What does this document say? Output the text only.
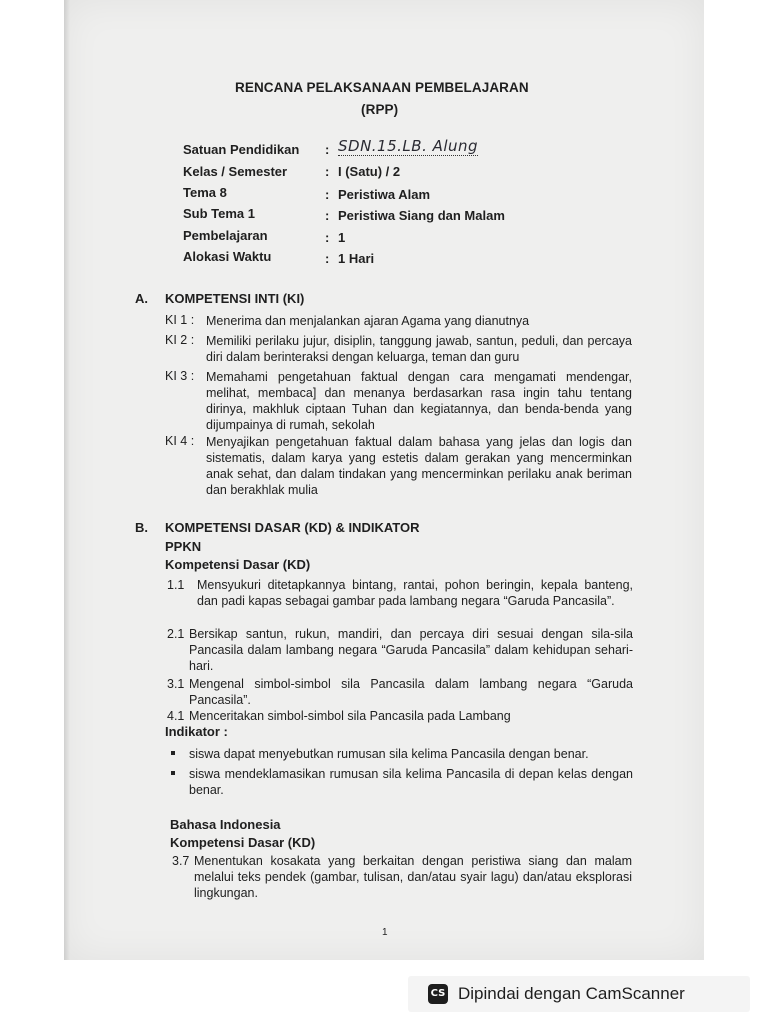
RENCANA PELAKSANAAN PEMBELAJARAN
(RPP)
Satuan Pendidikan : SDN.15.LB. Alung
Kelas / Semester	: I (Satu) / 2
Tema 8	: Peristiwa Alam
Sub Tema 1	: Peristiwa Siang dan Malam
Pembelajaran	: 1
Alokasi Waktu	: 1 Hari
A. KOMPETENSI INTI (KI)
KI 1 : Menerima dan menjalankan ajaran Agama yang dianutnya
KI 2 : Memiliki perilaku jujur, disiplin, tanggung jawab, santun, peduli, dan percaya diri dalam berinteraksi dengan keluarga, teman dan guru
KI 3 : Memahami pengetahuan faktual dengan cara mengamati mendengar, melihat, membaca] dan menanya berdasarkan rasa ingin tahu tentang dirinya, makhluk ciptaan Tuhan dan kegiatannya, dan benda-benda yang dijumpainya di rumah, sekolah
KI 4 : Menyajikan pengetahuan faktual dalam bahasa yang jelas dan logis dan sistematis, dalam karya yang estetis dalam gerakan yang mencerminkan anak sehat, dan dalam tindakan yang mencerminkan perilaku anak beriman dan berakhlak mulia
B. KOMPETENSI DASAR (KD) & INDIKATOR
PPKN
Kompetensi Dasar (KD)
1.1 Mensyukuri ditetapkannya bintang, rantai, pohon beringin, kepala banteng, dan padi kapas sebagai gambar pada lambang negara “Garuda Pancasila”.
2.1 Bersikap santun, rukun, mandiri, dan percaya diri sesuai dengan sila-sila Pancasila dalam lambang negara “Garuda Pancasila” dalam kehidupan sehari-hari.
3.1 Mengenal simbol-simbol sila Pancasila dalam lambang negara “Garuda Pancasila”.
4.1 Menceritakan simbol-simbol sila Pancasila pada Lambang
Indikator :
siswa dapat menyebutkan rumusan sila kelima Pancasila dengan benar.
siswa mendeklamasikan rumusan sila kelima Pancasila di depan kelas dengan benar.
Bahasa Indonesia
Kompetensi Dasar (KD)
3.7 Menentukan kosakata yang berkaitan dengan peristiwa siang dan malam melalui teks pendek (gambar, tulisan, dan/atau syair lagu) dan/atau eksplorasi lingkungan.
1
CS Dipindai dengan CamScanner
